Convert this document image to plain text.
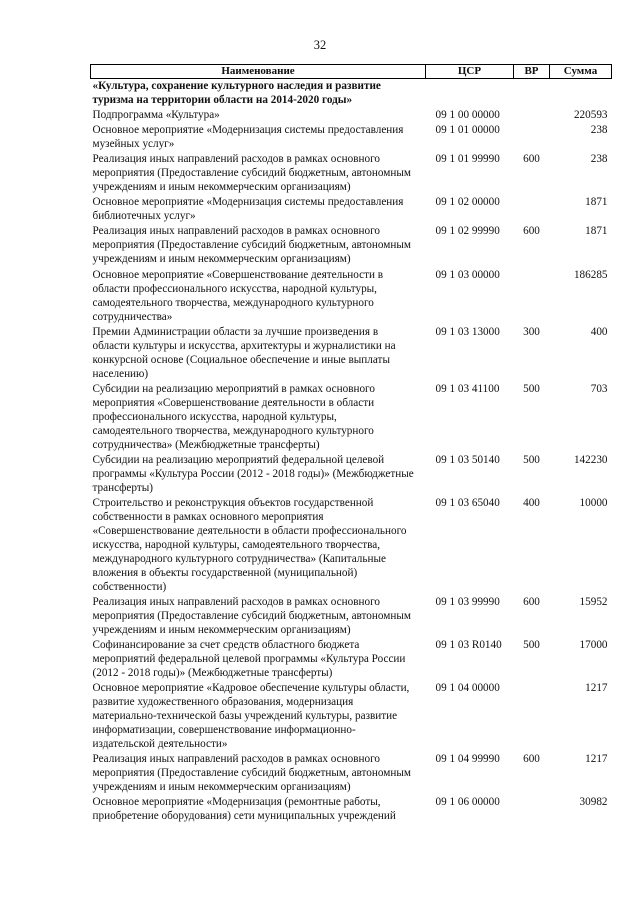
32
Наименование	ЦСР	ВР	Сумма
«Культура, сохранение культурного наследия и развитие туризма на территории области на 2014-2020 годы»			
Подпрограмма «Культура»	09 1 00 00000		220593
Основное мероприятие «Модернизация системы предоставления музейных услуг»	09 1 01 00000		238
Реализация иных направлений расходов в рамках основного мероприятия (Предоставление субсидий бюджетным, автономным учреждениям и иным некоммерческим организациям)	09 1 01 99990	600	238
Основное мероприятие «Модернизация системы предоставления библиотечных услуг»	09 1 02 00000		1871
Реализация иных направлений расходов в рамках основного мероприятия (Предоставление субсидий бюджетным, автономным учреждениям и иным некоммерческим организациям)	09 1 02 99990	600	1871
Основное мероприятие «Совершенствование деятельности в области профессионального искусства, народной культуры, самодеятельного творчества, международного культурного сотрудничества»	09 1 03 00000		186285
Премии Администрации области за лучшие произведения в области культуры и искусства, архитектуры и журналистики на конкурсной основе (Социальное обеспечение и иные выплаты населению)	09 1 03 13000	300	400
Субсидии на реализацию мероприятий в рамках основного мероприятия «Совершенствование деятельности в области профессионального искусства, народной культуры, самодеятельного творчества, международного культурного сотрудничества» (Межбюджетные трансферты)	09 1 03 41100	500	703
Субсидии на реализацию мероприятий федеральной целевой программы «Культура России (2012 - 2018 годы)» (Межбюджетные трансферты)	09 1 03 50140	500	142230
Строительство и реконструкция объектов государственной собственности в рамках основного мероприятия «Совершенствование деятельности в области профессионального искусства, народной культуры, самодеятельного творчества, международного культурного сотрудничества» (Капитальные вложения в объекты государственной (муниципальной) собственности)	09 1 03 65040	400	10000
Реализация иных направлений расходов в рамках основного мероприятия (Предоставление субсидий бюджетным, автономным учреждениям и иным некоммерческим организациям)	09 1 03 99990	600	15952
Софинансирование за счет средств областного бюджета мероприятий федеральной целевой программы «Культура России (2012 - 2018 годы)» (Межбюджетные трансферты)	09 1 03 R0140	500	17000
Основное мероприятие «Кадровое обеспечение культуры области, развитие художественного образования, модернизация материально-технической базы учреждений культуры, развитие информатизации, совершенствование информационно-издательской деятельности»	09 1 04 00000		1217
Реализация иных направлений расходов в рамках основного мероприятия (Предоставление субсидий бюджетным, автономным учреждениям и иным некоммерческим организациям)	09 1 04 99990	600	1217
Основное мероприятие «Модернизация (ремонтные работы, приобретение оборудования) сети муниципальных учреждений	09 1 06 00000		30982
